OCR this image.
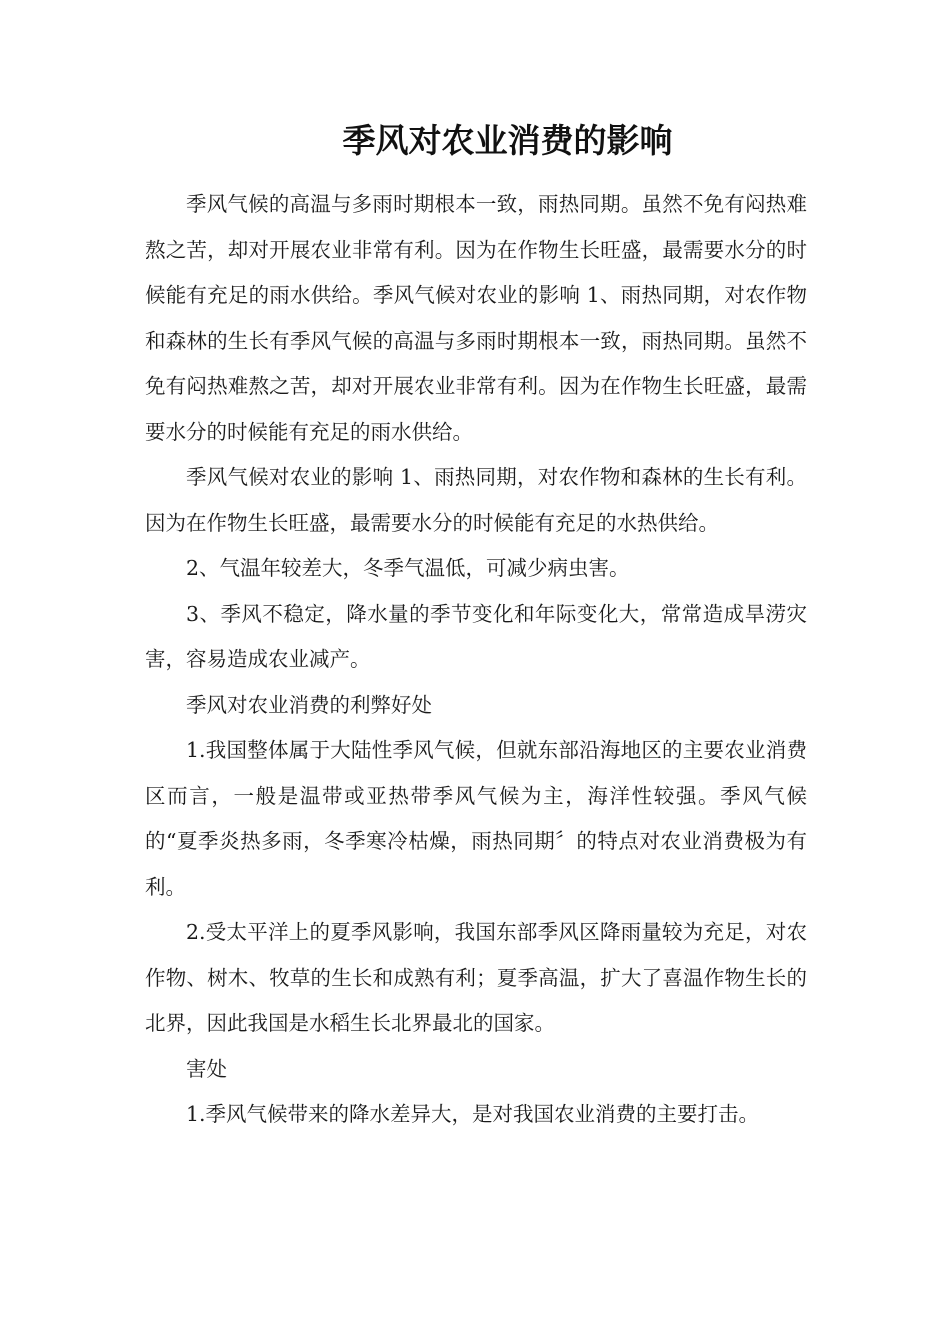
季风对农业消费的影响

季风气候的高温与多雨时期根本一致，雨热同期。虽然不免有闷热难熬之苦，却对开展农业非常有利。因为在作物生长旺盛，最需要水分的时候能有充足的雨水供给。季风气候对农业的影响 1、雨热同期，对农作物和森林的生长有季风气候的高温与多雨时期根本一致，雨热同期。虽然不免有闷热难熬之苦，却对开展农业非常有利。因为在作物生长旺盛，最需要水分的时候能有充足的雨水供给。

季风气候对农业的影响 1、雨热同期，对农作物和森林的生长有利。因为在作物生长旺盛，最需要水分的时候能有充足的水热供给。

2、气温年较差大，冬季气温低，可减少病虫害。

3、季风不稳定，降水量的季节变化和年际变化大，常常造成旱涝灾害，容易造成农业减产。

季风对农业消费的利弊好处

1.我国整体属于大陆性季风气候，但就东部沿海地区的主要农业消费区而言，一般是温带或亚热带季风气候为主，海洋性较强。季风气候的“夏季炎热多雨，冬季寒冷枯燥，雨热同期〞的特点对农业消费极为有利。

2.受太平洋上的夏季风影响，我国东部季风区降雨量较为充足，对农作物、树木、牧草的生长和成熟有利；夏季高温，扩大了喜温作物生长的北界，因此我国是水稻生长北界最北的国家。

害处

1.季风气候带来的降水差异大，是对我国农业消费的主要打击。
